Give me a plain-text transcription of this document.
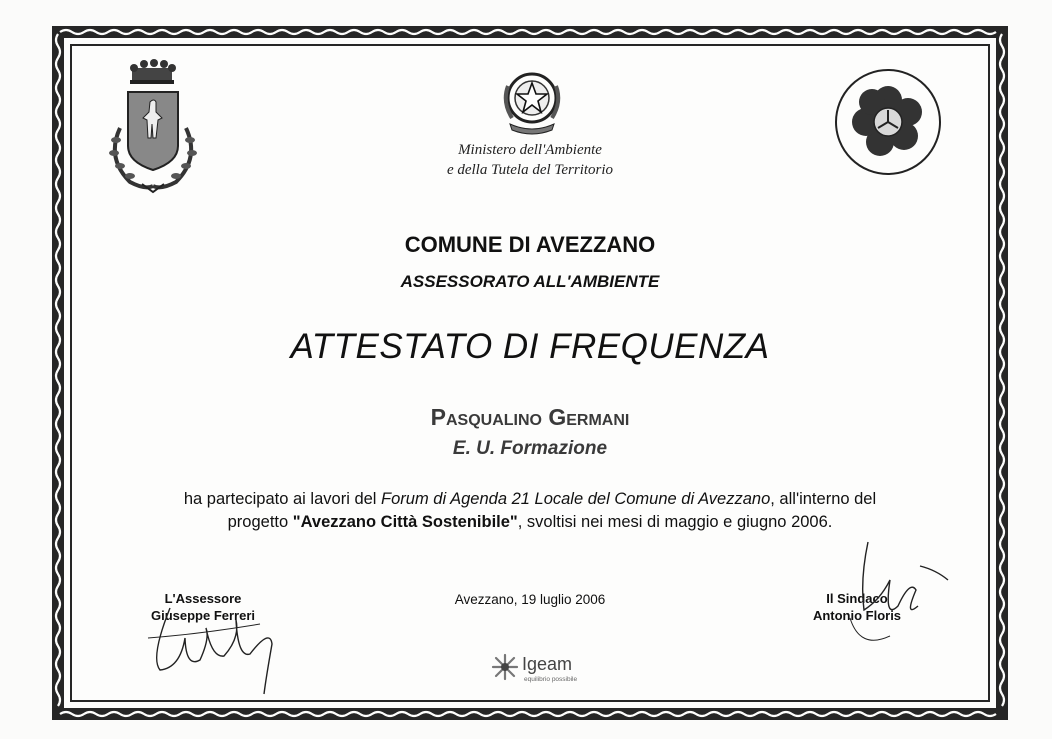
Ministero dell'Ambiente
e della Tutela del Territorio
COMUNE DI AVEZZANO
ASSESSORATO ALL'AMBIENTE
ATTESTATO DI FREQUENZA
Pasqualino Germani
E. U. Formazione
ha partecipato ai lavori del Forum di Agenda 21 Locale del Comune di Avezzano, all'interno del
progetto "Avezzano Città Sostenibile", svoltisi nei mesi di maggio e giugno 2006.
L'Assessore
Giuseppe Ferreri
Avezzano, 19 luglio 2006	Il Sindaco
Antonio Floris
Igeam
equilibrio possibile
